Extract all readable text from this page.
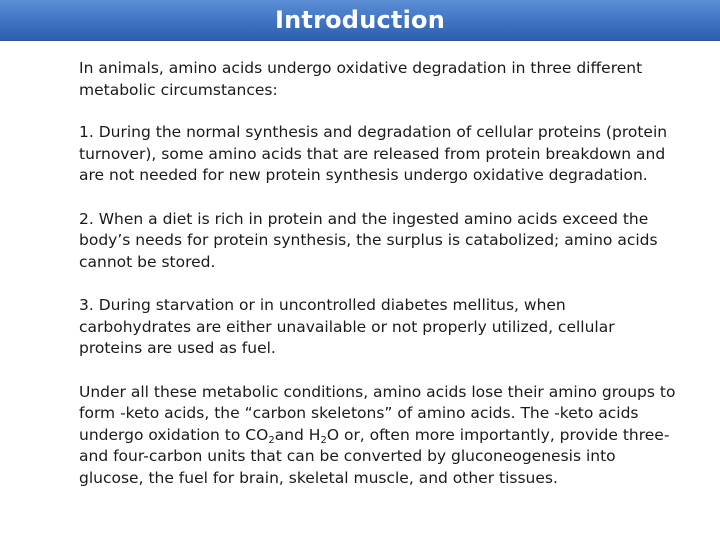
Introduction

In animals, amino acids undergo oxidative degradation in three different metabolic circumstances:

1. During the normal synthesis and degradation of cellular proteins (protein turnover), some amino acids that are released from protein breakdown and are not needed for new protein synthesis undergo oxidative degradation.

2. When a diet is rich in protein and the ingested amino acids exceed the body’s needs for protein synthesis, the surplus is catabolized; amino acids cannot be stored.

3. During starvation or in uncontrolled diabetes mellitus, when carbohydrates are either unavailable or not properly utilized, cellular proteins are used as fuel.

Under all these metabolic conditions, amino acids lose their amino groups to form -keto acids, the “carbon skeletons” of amino acids. The -keto acids undergo oxidation to $CO_2and$ $H_2O$ or, often more importantly, provide three- and four-carbon units that can be converted by gluconeogenesis into glucose, the fuel for brain, skeletal muscle, and other tissues.
